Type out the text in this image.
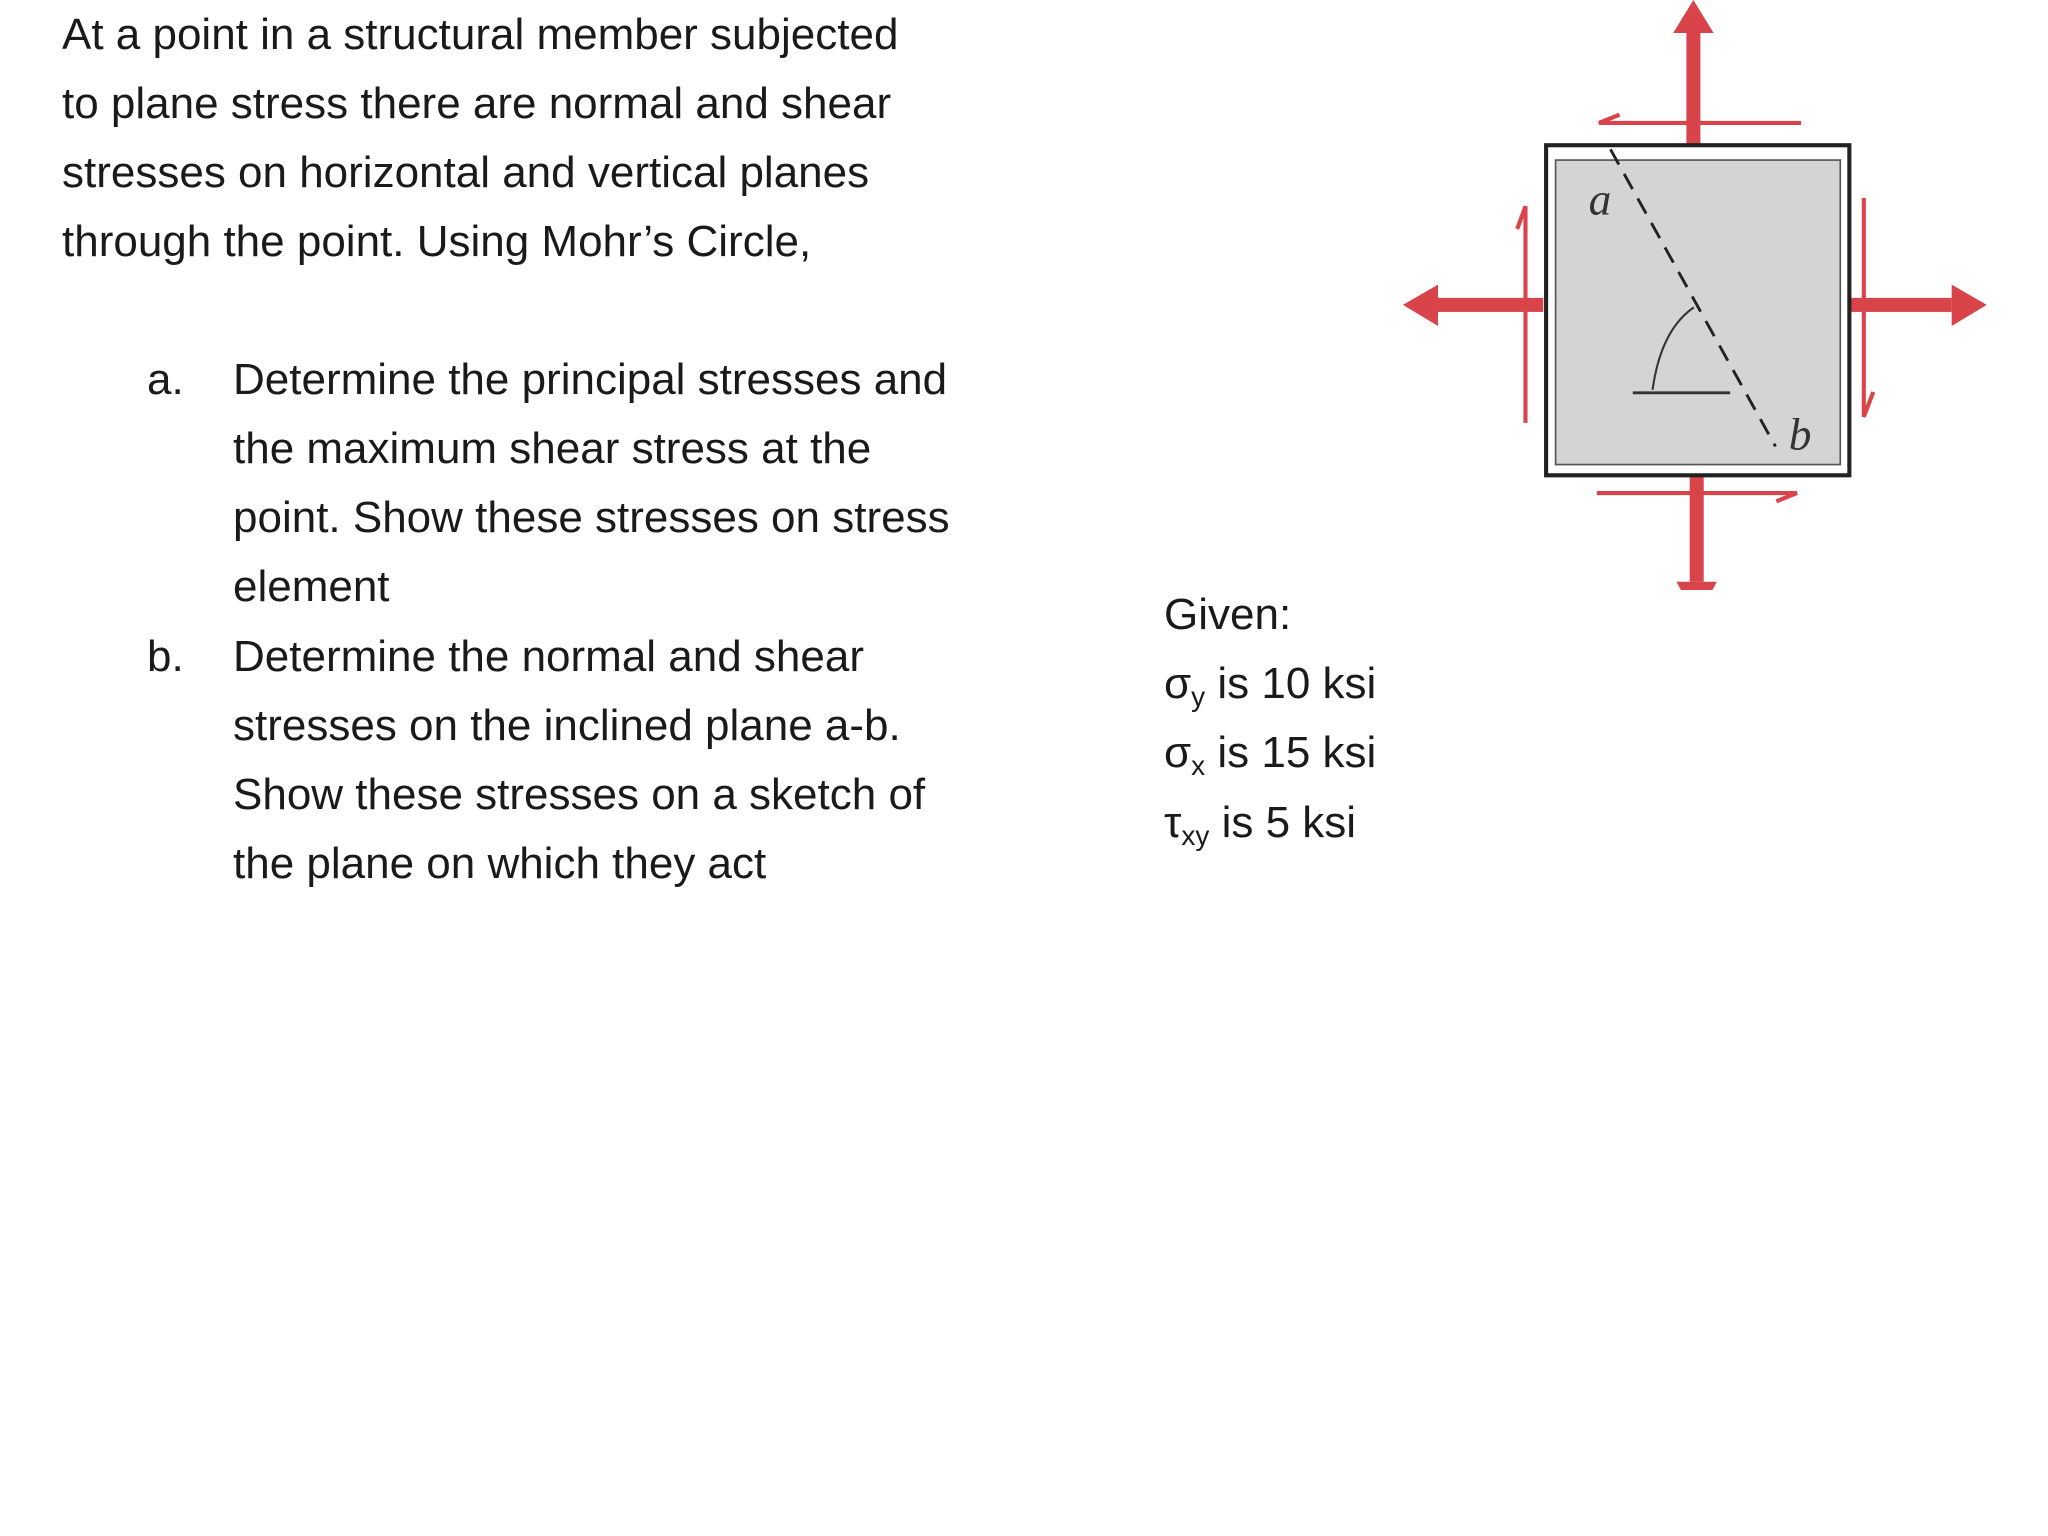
At a point in a structural member subjected
to plane stress there are normal and shear
stresses on horizontal and vertical planes
through the point. Using Mohr’s Circle,
a. Determine the principal stresses and
the maximum shear stress at the
point. Show these stresses on stress
element
b. Determine the normal and shear
stresses on the inclined plane a-b.
Show these stresses on a sketch of
the plane on which they act
Given:
$\sigma_y$ is 10 ksi
$\sigma_x$ is 15 ksi
$\tau_{xy}$ is 5 ksi
a
b
